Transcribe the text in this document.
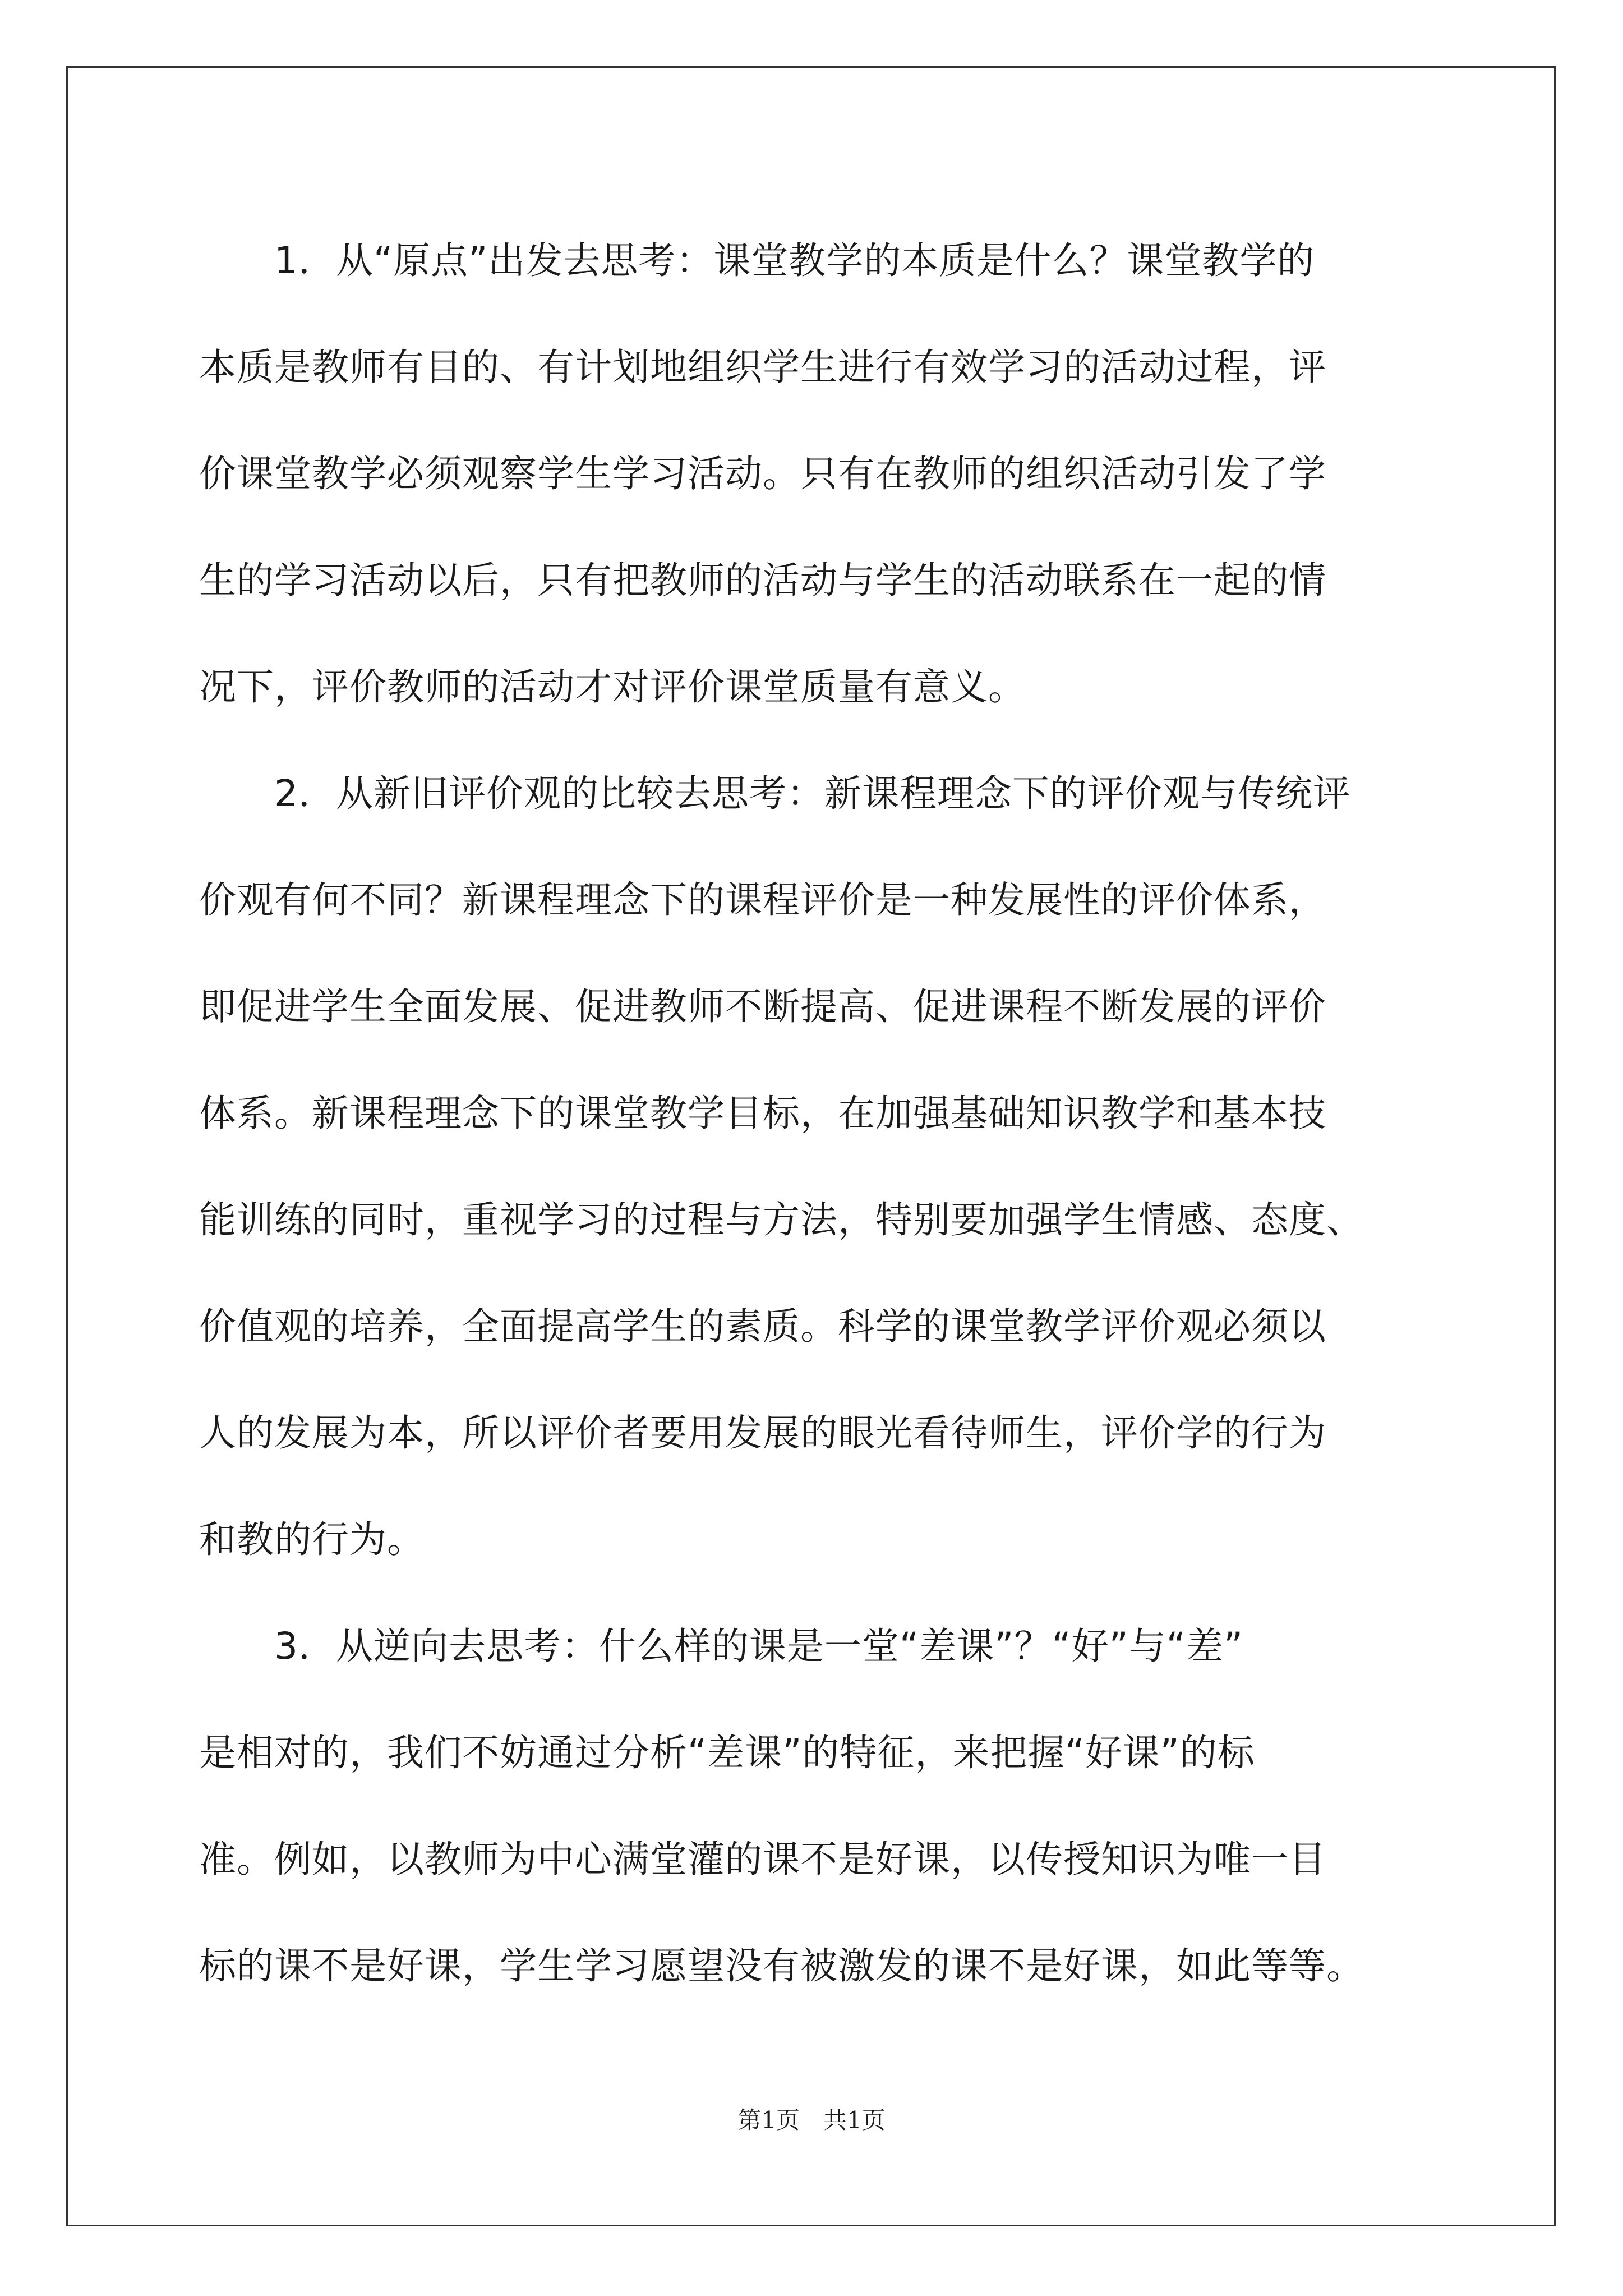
1．从“原点”出发去思考：课堂教学的本质是什么？课堂教学的
本质是教师有目的、有计划地组织学生进行有效学习的活动过程，评
价课堂教学必须观察学生学习活动。只有在教师的组织活动引发了学
生的学习活动以后，只有把教师的活动与学生的活动联系在一起的情
况下，评价教师的活动才对评价课堂质量有意义。
2．从新旧评价观的比较去思考：新课程理念下的评价观与传统评
价观有何不同？新课程理念下的课程评价是一种发展性的评价体系，
即促进学生全面发展、促进教师不断提高、促进课程不断发展的评价
体系。新课程理念下的课堂教学目标，在加强基础知识教学和基本技
能训练的同时，重视学习的过程与方法，特别要加强学生情感、态度、
价值观的培养，全面提高学生的素质。科学的课堂教学评价观必须以
人的发展为本，所以评价者要用发展的眼光看待师生，评价学的行为
和教的行为。
3．从逆向去思考：什么样的课是一堂“差课”？“好”与“差”
是相对的，我们不妨通过分析“差课”的特征，来把握“好课”的标
准。例如，以教师为中心满堂灌的课不是好课，以传授知识为唯一目
标的课不是好课，学生学习愿望没有被激发的课不是好课，如此等等。
第1页　共1页
